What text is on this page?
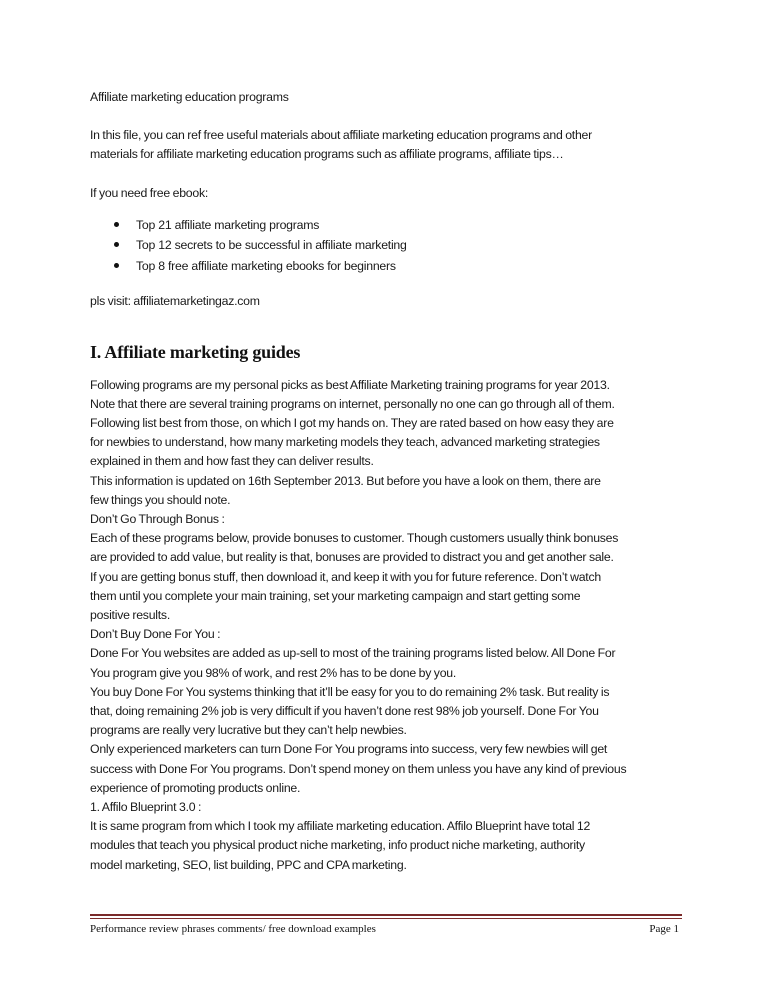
Affiliate marketing education programs

In this file, you can ref free useful materials about affiliate marketing education programs and other

materials for affiliate marketing education programs such as affiliate programs, affiliate tips…

If you need free ebook:

Top 21 affiliate marketing programs
Top 12 secrets to be successful in affiliate marketing
Top 8 free affiliate marketing ebooks for beginners

pls visit: affiliatemarketingaz.com

I. Affiliate marketing guides

Following programs are my personal picks as best Affiliate Marketing training programs for year 2013.

Note that there are several training programs on internet, personally no one can go through all of them.

Following list best from those, on which I got my hands on. They are rated based on how easy they are

for newbies to understand, how many marketing models they teach, advanced marketing strategies

explained in them and how fast they can deliver results.

This information is updated on 16th September 2013. But before you have a look on them, there are

few things you should note.

Don’t Go Through Bonus :

Each of these programs below, provide bonuses to customer. Though customers usually think bonuses

are provided to add value, but reality is that, bonuses are provided to distract you and get another sale.

If you are getting bonus stuff, then download it, and keep it with you for future reference. Don’t watch

them until you complete your main training, set your marketing campaign and start getting some

positive results.

Don’t Buy Done For You :

Done For You websites are added as up-sell to most of the training programs listed below. All Done For

You program give you 98% of work, and rest 2% has to be done by you.

You buy Done For You systems thinking that it’ll be easy for you to do remaining 2% task. But reality is

that, doing remaining 2% job is very difficult if you haven’t done rest 98% job yourself. Done For You

programs are really very lucrative but they can’t help newbies.

Only experienced marketers can turn Done For You programs into success, very few newbies will get

success with Done For You programs. Don’t spend money on them unless you have any kind of previous

experience of promoting products online.

1. Affilo Blueprint 3.0 :

It is same program from which I took my affiliate marketing education. Affilo Blueprint have total 12

modules that teach you physical product niche marketing, info product niche marketing, authority

model marketing, SEO, list building, PPC and CPA marketing.

Performance review phrases comments/ free download examples	Page 1
